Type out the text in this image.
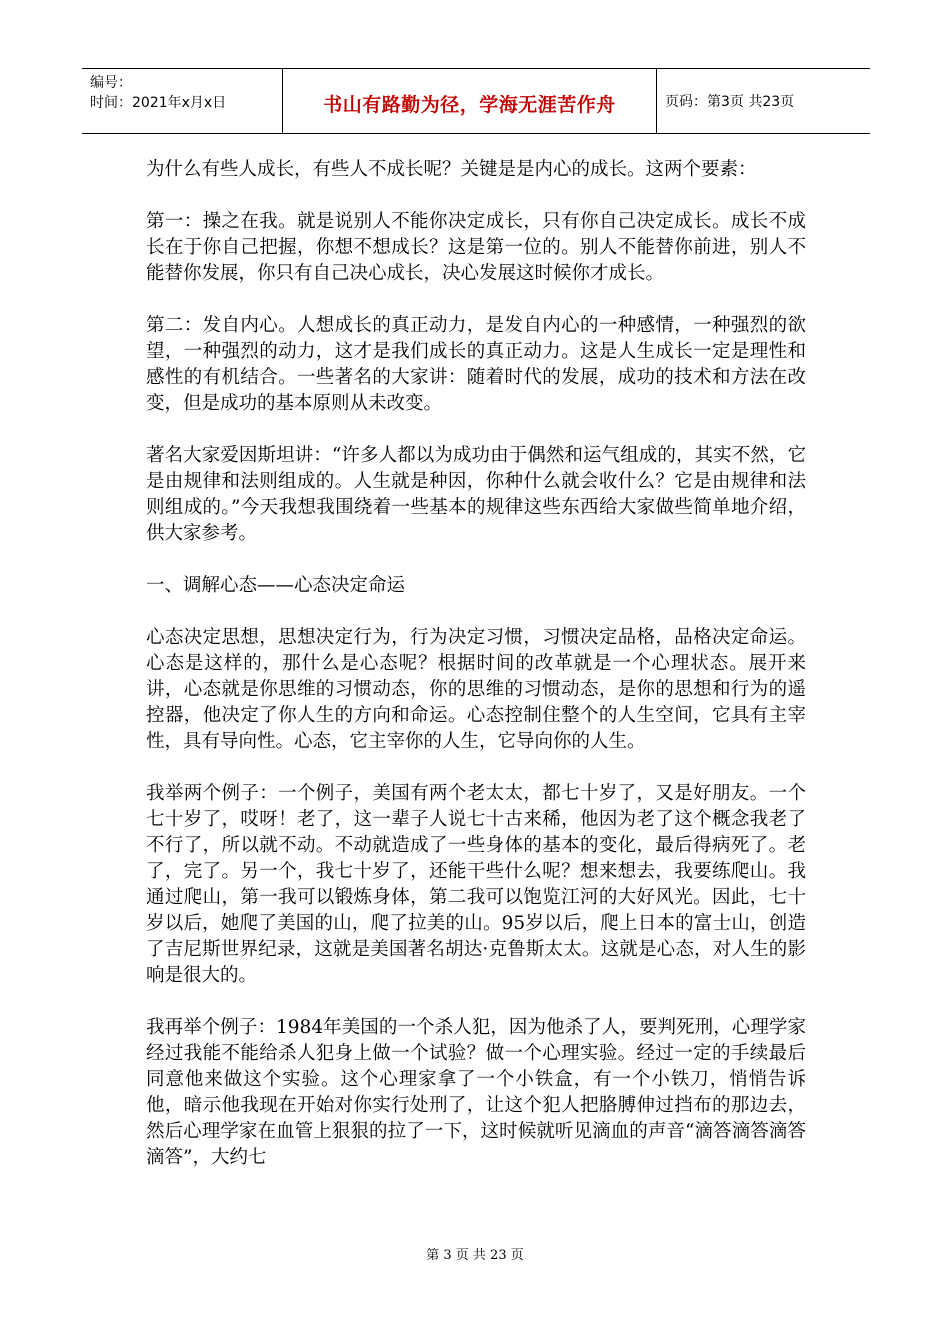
编号：
时间：2021年x月x日	书山有路勤为径，学海无涯苦作舟	页码：第3页 共23页

为什么有些人成长，有些人不成长呢？关键是是内心的成长。这两个要素：

第一：操之在我。就是说别人不能你决定成长，只有你自己决定成长。成长不成长在于你自己把握，你想不想成长？这是第一位的。别人不能替你前进，别人不能替你发展，你只有自己决心成长，决心发展这时候你才成长。

第二：发自内心。人想成长的真正动力，是发自内心的一种感情，一种强烈的欲望，一种强烈的动力，这才是我们成长的真正动力。这是人生成长一定是理性和感性的有机结合。一些著名的大家讲：随着时代的发展，成功的技术和方法在改变，但是成功的基本原则从未改变。

著名大家爱因斯坦讲：“许多人都以为成功由于偶然和运气组成的，其实不然，它是由规律和法则组成的。人生就是种因，你种什么就会收什么？它是由规律和法则组成的。”今天我想我围绕着一些基本的规律这些东西给大家做些简单地介绍，供大家参考。

一、调解心态——心态决定命运

心态决定思想，思想决定行为，行为决定习惯，习惯决定品格，品格决定命运。心态是这样的，那什么是心态呢？根据时间的改革就是一个心理状态。展开来讲，心态就是你思维的习惯动态，你的思维的习惯动态，是你的思想和行为的遥控器，他决定了你人生的方向和命运。心态控制住整个的人生空间，它具有主宰性，具有导向性。心态，它主宰你的人生，它导向你的人生。

我举两个例子：一个例子，美国有两个老太太，都七十岁了，又是好朋友。一个七十岁了，哎呀！老了，这一辈子人说七十古来稀，他因为老了这个概念我老了不行了，所以就不动。不动就造成了一些身体的基本的变化，最后得病死了。老了，完了。另一个，我七十岁了，还能干些什么呢？想来想去，我要练爬山。我通过爬山，第一我可以锻炼身体，第二我可以饱览江河的大好风光。因此，七十岁以后，她爬了美国的山，爬了拉美的山。95岁以后，爬上日本的富士山，创造了吉尼斯世界纪录，这就是美国著名胡达·克鲁斯太太。这就是心态，对人生的影响是很大的。

我再举个例子：1984年美国的一个杀人犯，因为他杀了人，要判死刑，心理学家经过我能不能给杀人犯身上做一个试验？做一个心理实验。经过一定的手续最后同意他来做这个实验。这个心理家拿了一个小铁盒，有一个小铁刀，悄悄告诉他，暗示他我现在开始对你实行处刑了，让这个犯人把胳膊伸过挡布的那边去，然后心理学家在血管上狠狠的拉了一下，这时候就听见滴血的声音“滴答滴答滴答滴答”，大约七

第 3 页 共 23 页
